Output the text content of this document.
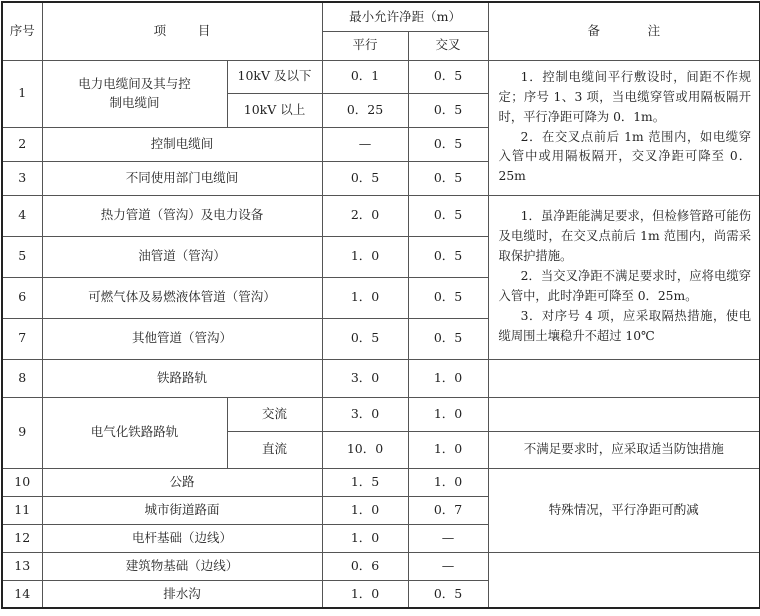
序号	项        目		最小允许净距（m）		备            注
			平行	交叉	
1	电力电缆间及其与控制电缆间	10kV 及以下	0．1	0．5	1．控制电缆间平行敷设时，间距不作规定；序号 1、3 项，当电缆穿管或用隔板隔开时，平行净距可降为 0．1m。

2．在交叉点前后 1m 范围内，如电缆穿入管中或用隔板隔开，交叉净距可降至 0．25m

		10kV 以上	0．25	0．5	
2	控制电缆间		—	0．5	
3	不同使用部门电缆间		0．5	0．5	
4	热力管道（管沟）及电力设备		2．0	0．5	1．虽净距能满足要求，但检修管路可能伤及电缆时，在交叉点前后 1m 范围内，尚需采取保护措施。

2．当交叉净距不满足要求时，应将电缆穿入管中，此时净距可降至 0．25m。

3．对序号 4 项，应采取隔热措施，使电缆周围土壤稳升不超过 10℃

5	油管道（管沟）		1．0	0．5	
6	可燃气体及易燃液体管道（管沟）		1．0	0．5	
7	其他管道（管沟）		0．5	0．5	
8	铁路路轨		3．0	1．0	
9	电气化铁路路轨	交流	3．0	1．0	
		直流	10．0	1．0	不满足要求时，应采取适当防蚀措施
10	公路		1．5	1．0	特殊情况，平行净距可酌减
11	城市街道路面		1．0	0．7	
12	电杆基础（边线）		1．0	—	
13	建筑物基础（边线）		0．6	—	
14	排水沟		1．0	0．5	
